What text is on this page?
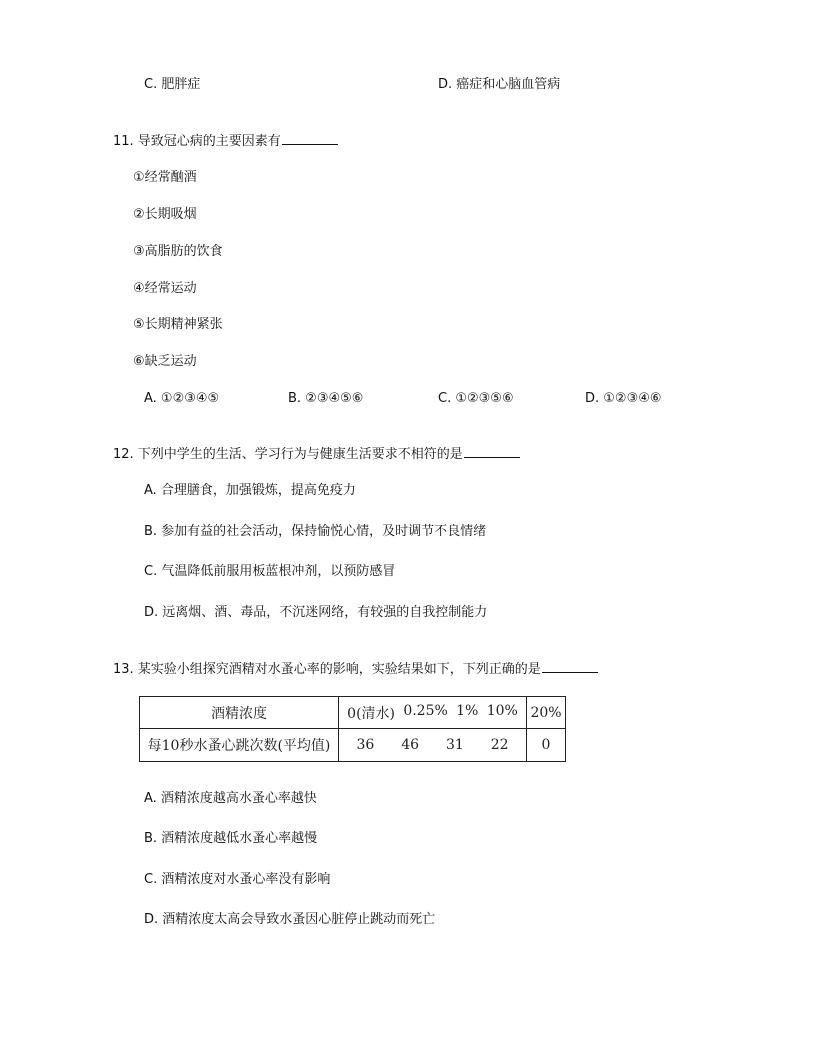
C. 肥胖症	D. 癌症和心脑血管病
11. 导致冠心病的主要因素有
①经常酗酒
②长期吸烟
③高脂肪的饮食
④经常运动
⑤长期精神紧张
⑥缺乏运动
A. ①②③④⑤	B. ②③④⑤⑥	C. ①②③⑤⑥	D. ①②③④⑥
12. 下列中学生的生活、学习行为与健康生活要求不相符的是
A. 合理膳食，加强锻炼，提高免疫力
B. 参加有益的社会活动，保持愉悦心情，及时调节不良情绪
C. 气温降低前服用板蓝根冲剂，以预防感冒
D. 远离烟、酒、毒品，不沉迷网络，有较强的自我控制能力
13. 某实验小组探究酒精对水蚤心率的影响，实验结果如下，下列正确的是
酒精浓度	0(清水) 0.25% 1% 10%	20%
每10秒水蚤心跳次数(平均值)	36 46 31 22	0
A. 酒精浓度越高水蚤心率越快
B. 酒精浓度越低水蚤心率越慢
C. 酒精浓度对水蚤心率没有影响
D. 酒精浓度太高会导致水蚤因心脏停止跳动而死亡
